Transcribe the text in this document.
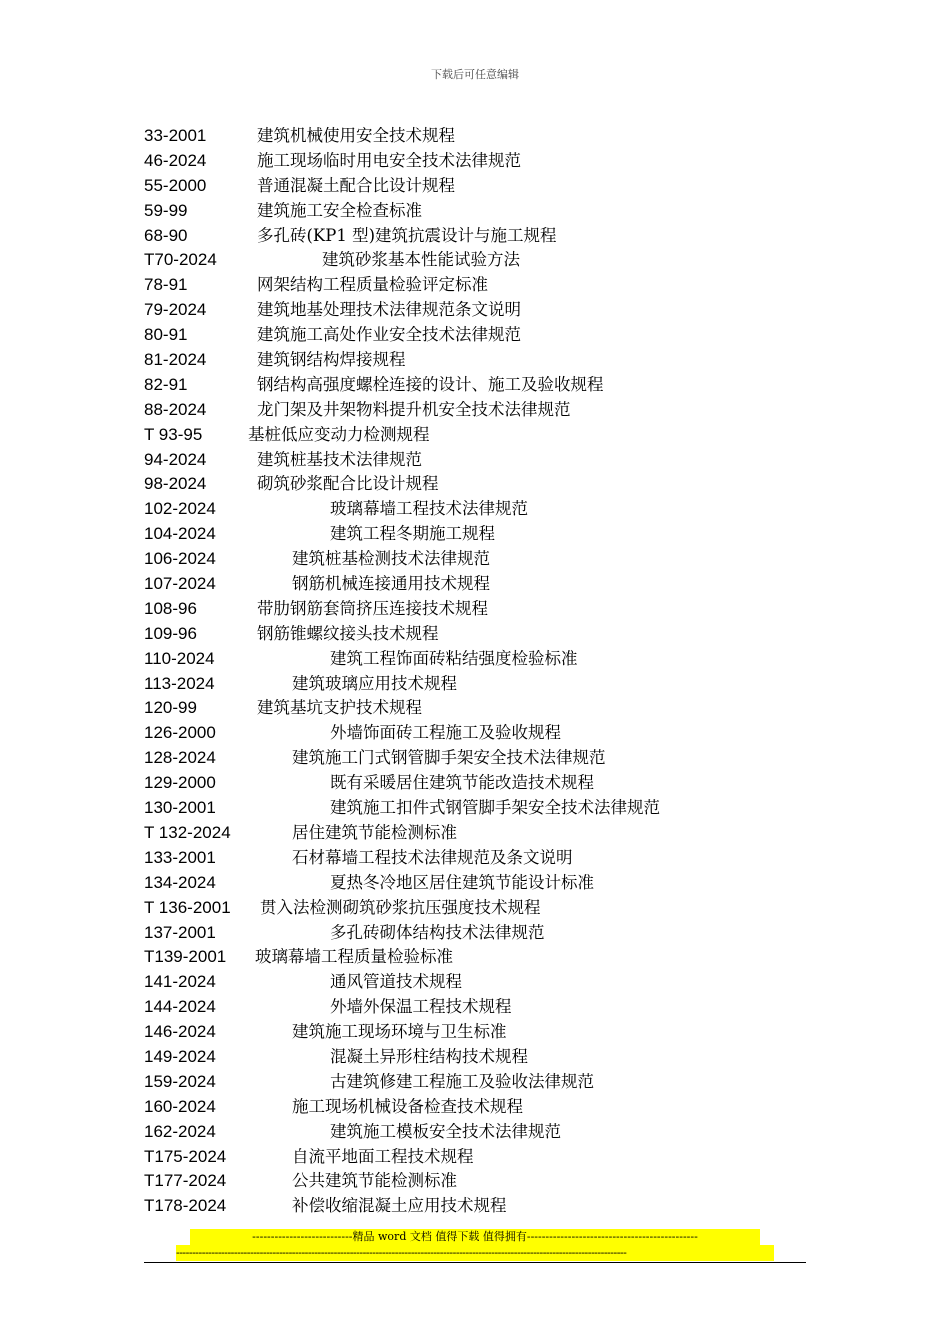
下载后可任意编辑
33-2001	建筑机械使用安全技术规程
46-2024	施工现场临时用电安全技术法律规范
55-2000	普通混凝土配合比设计规程
59-99	建筑施工安全检查标准
68-90	多孔砖(KP1 型)建筑抗震设计与施工规程
T70-2024	建筑砂浆基本性能试验方法
78-91	网架结构工程质量检验评定标准
79-2024	建筑地基处理技术法律规范条文说明
80-91	建筑施工高处作业安全技术法律规范
81-2024	建筑钢结构焊接规程
82-91	钢结构高强度螺栓连接的设计、施工及验收规程
88-2024	龙门架及井架物料提升机安全技术法律规范
T 93-95	基桩低应变动力检测规程
94-2024	建筑桩基技术法律规范
98-2024	砌筑砂浆配合比设计规程
102-2024	玻璃幕墙工程技术法律规范
104-2024	建筑工程冬期施工规程
106-2024	建筑桩基检测技术法律规范
107-2024	钢筋机械连接通用技术规程
108-96	带肋钢筋套筒挤压连接技术规程
109-96	钢筋锥螺纹接头技术规程
110-2024	建筑工程饰面砖粘结强度检验标准
113-2024	建筑玻璃应用技术规程
120-99	建筑基坑支护技术规程
126-2000	外墙饰面砖工程施工及验收规程
128-2024	建筑施工门式钢管脚手架安全技术法律规范
129-2000	既有采暖居住建筑节能改造技术规程
130-2001	建筑施工扣件式钢管脚手架安全技术法律规范
T 132-2024	居住建筑节能检测标准
133-2001	石材幕墙工程技术法律规范及条文说明
134-2024	夏热冬冷地区居住建筑节能设计标准
T 136-2001 贯入法检测砌筑砂浆抗压强度技术规程
137-2001	多孔砖砌体结构技术法律规范
T139-2001 玻璃幕墙工程质量检验标准
141-2024	通风管道技术规程
144-2024	外墙外保温工程技术规程
146-2024	建筑施工现场环境与卫生标准
149-2024	混凝土异形柱结构技术规程
159-2024	古建筑修建工程施工及验收法律规范
160-2024	施工现场机械设备检查技术规程
162-2024	建筑施工模板安全技术法律规范
T175-2024	自流平地面工程技术规程
T177-2024	公共建筑节能检测标准
T178-2024	补偿收缩混凝土应用技术规程
---------------------------精品 word 文档 值得下载 值得拥有----------------------------------------------
--------------------------------------------------------------------------------------------------------------------------------------------
